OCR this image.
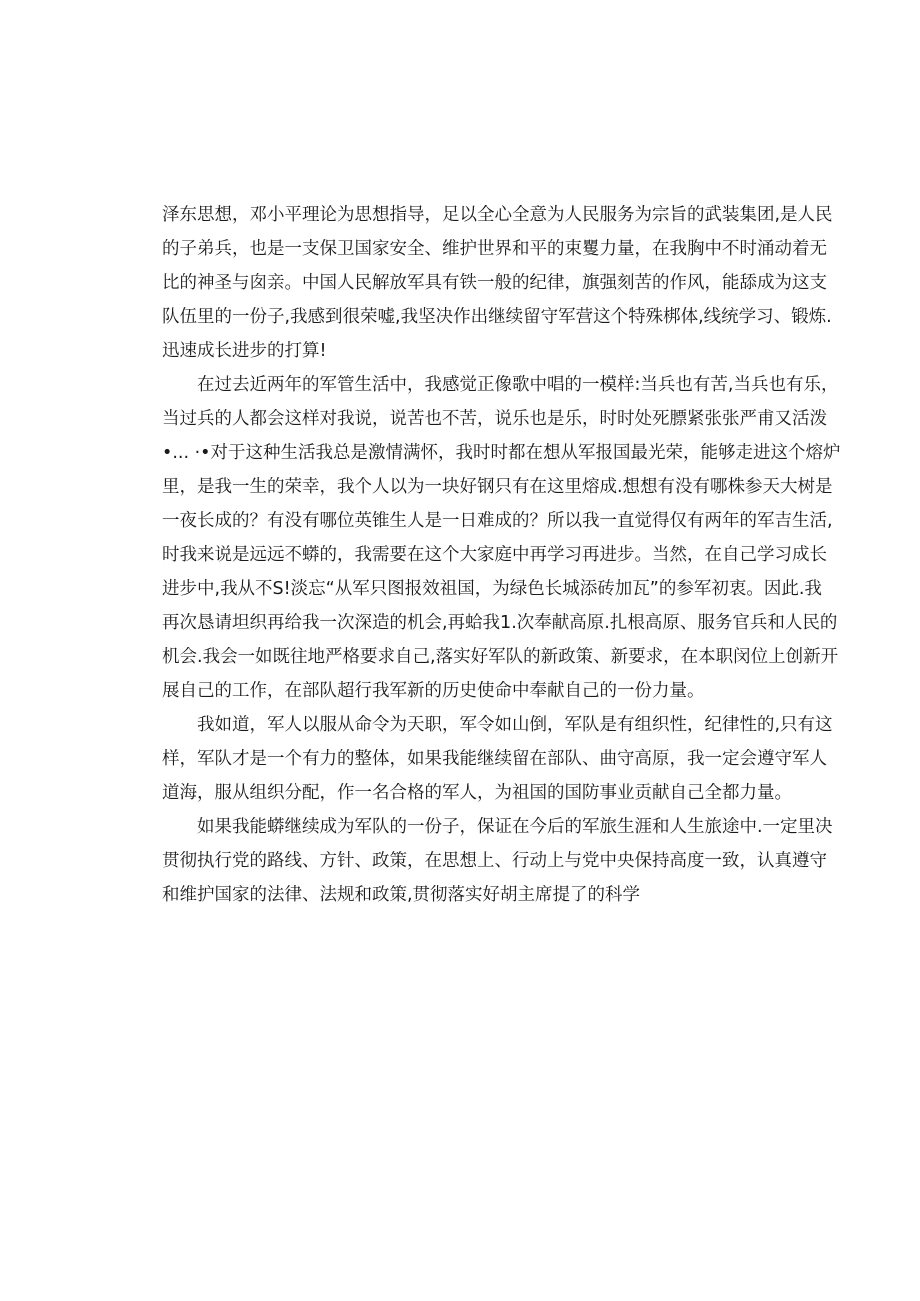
泽东思想，邓小平理论为思想指导，足以全心全意为人民服务为宗旨的武装集团,是人民
的子弟兵，也是一支保卫国家安全、维护世界和平的束矍力量，在我胸中不时涌动着无
比的神圣与囱亲。中国人民解放军具有铁一般的纪律，旗强刻苦的作风，能舔成为这支
队伍里的一份子,我感到很荣嘘,我坚决作出继续留守军营这个特殊梆体,线统学习、锻炼.
迅速成长进步的打算!
在过去近两年的军管生活中，我感觉正像歌中唱的一模样:当兵也有苦,当兵也有乐，
当过兵的人都会这样对我说，说苦也不苦，说乐也是乐，时时处死膘紧张张严甫又活泼
•... ·•对于这种生活我总是激情满怀，我时时都在想从军报国最光荣，能够走进这个熔炉
里，是我一生的荣幸，我个人以为一块好钢只有在这里熔成.想想有没有哪株参天大树是
一夜长成的？有没有哪位英锥生人是一日难成的？所以我一直觉得仅有两年的军吉生活,
时我来说是远远不蟒的，我需要在这个大家庭中再学习再进步。当然，在自己学习成长
进步中,我从不S!淡忘“从军只图报效祖国，为绿色长城添砖加瓦”的参军初衷。因此.我
再次恳请坦织再给我一次深造的机会,再蛤我1.次奉献高原.扎根高原、服务官兵和人民的
机会.我会一如既往地严格要求自己,落实好军队的新政策、新要求，在本职闵位上创新开
展自己的工作，在部队超行我军新的历史使命中奉献自己的一份力量。
我如道，军人以服从命令为天职，军令如山倒，军队是有组织性，纪律性的,只有这
样，军队才是一个有力的整体，如果我能继续留在部队、曲守高原，我一定会遵守军人
道海，服从组织分配，作一名合格的军人，为祖国的国防事业贡献自己全都力量。
如果我能蟒继续成为军队的一份子，保证在今后的军旅生涯和人生旅途中.一定里决
贯彻执行党的路线、方针、政策，在思想上、行动上与党中央保持高度一致，认真遵守
和维护国家的法律、法规和政策,贯彻落实好胡主席提了的科学
